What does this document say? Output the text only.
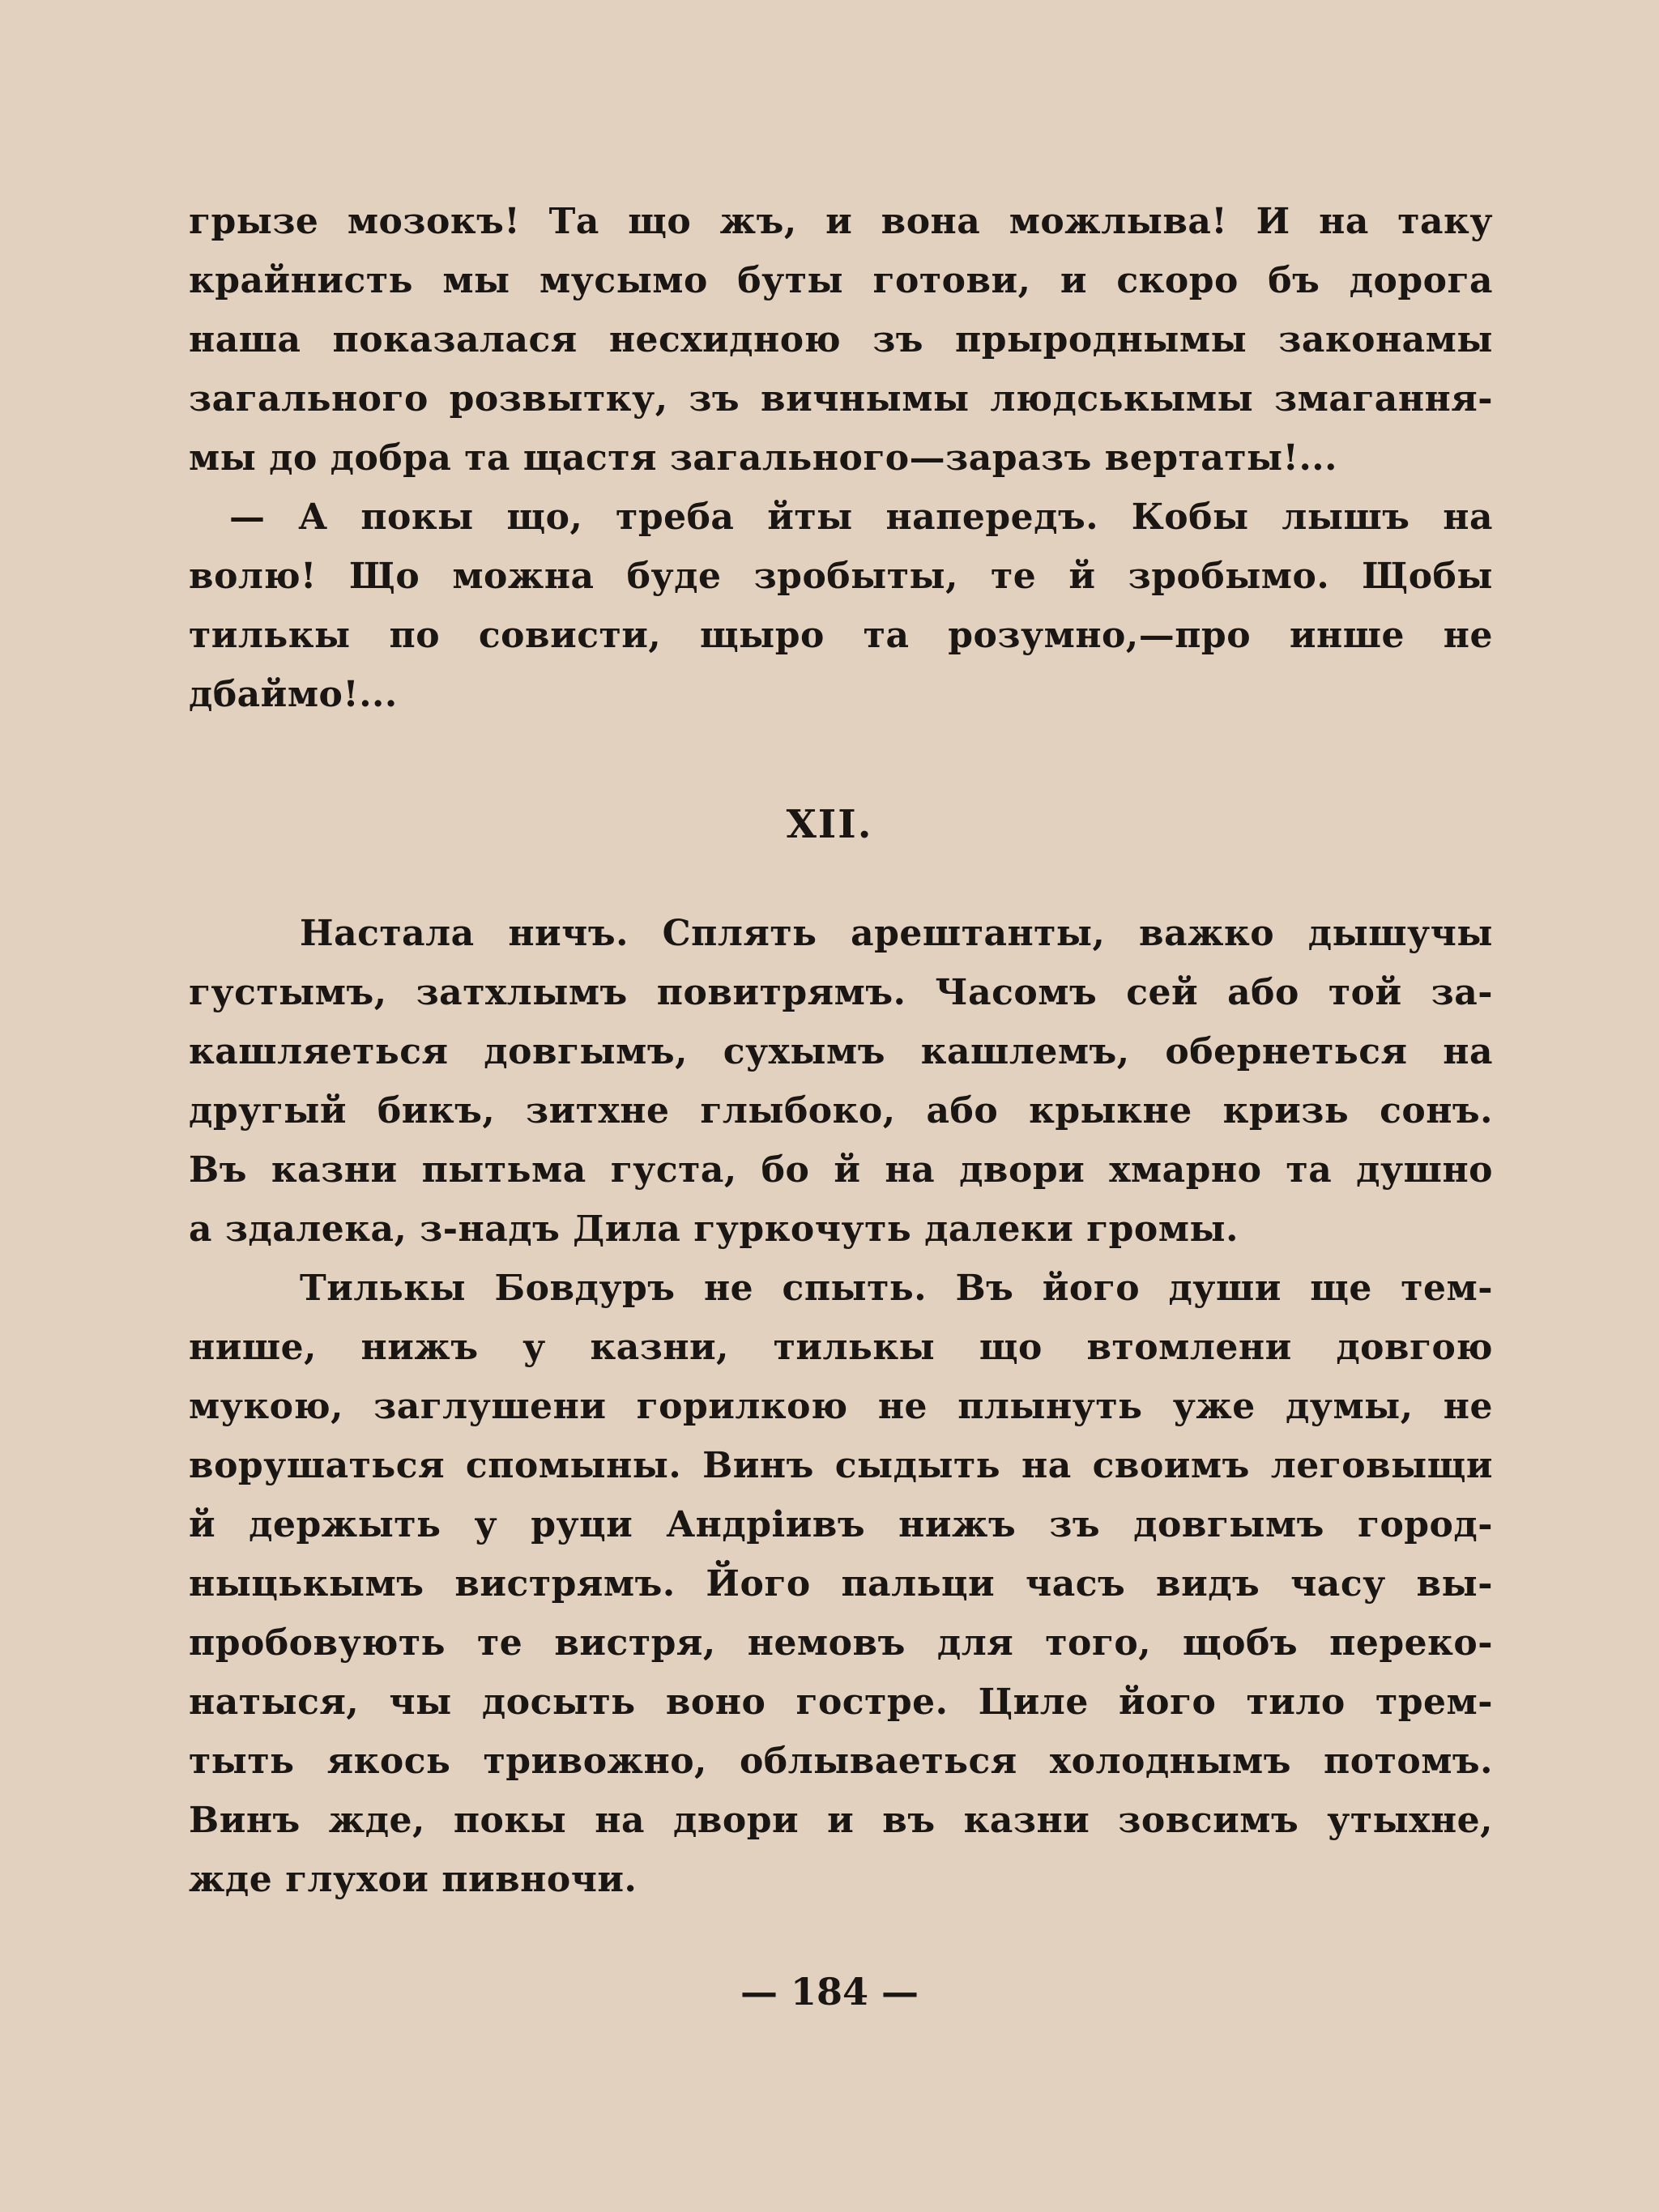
грызе мозокъ! Та що жъ, и вона можлыва! И на таку
крайнисть мы мусымо буты готови, и скоро бъ дорога
наша показалася несхидною зъ прыроднымы законамы
загального розвытку, зъ вичнымы людськымы змагання-
мы до добра та щастя загального—заразъ вертаты!...
— А покы що, треба йты напередъ. Кобы лышъ на
волю! Що можна буде зробыты, те й зробымо. Щобы
тилькы по совисти, щыро та розумно,—про инше не
дбаймо!...
XII.
Настала ничъ. Сплять арештанты, важко дышучы
густымъ, затхлымъ повитрямъ. Часомъ сей або той за-
кашляеться довгымъ, сухымъ кашлемъ, обернеться на
другый бикъ, зитхне глыбоко, або крыкне кризь сонъ.
Въ казни пытьма густа, бо й на двори хмарно та душно
а здалека, з-надъ Дила гуркочуть далеки громы.
Тилькы Бовдуръ не спыть. Въ його души ще тем-
нише, нижъ у казни, тилькы що втомлени довгою
мукою, заглушени горилкою не плынуть уже думы, не
ворушаться спомыны. Винъ сыдыть на своимъ леговыщи
й держыть у руци Андріивъ нижъ зъ довгымъ город-
ныцькымъ вистрямъ. Його пальци часъ видъ часу вы-
пробовують те вистря, немовъ для того, щобъ переко-
натыся, чы досыть воно гостре. Циле його тило трем-
тыть якось тривожно, облываеться холоднымъ потомъ.
Винъ жде, покы на двори и въ казни зовсимъ утыхне,
жде глухои пивночи.
— 184 —
